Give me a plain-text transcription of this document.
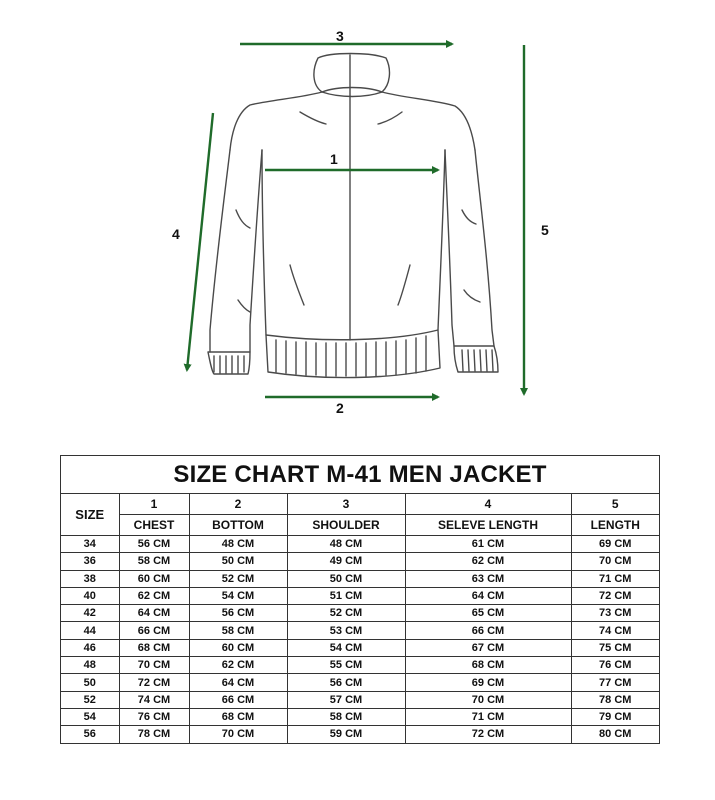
3
1
2
4	5
SIZE CHART M-41 MEN JACKET
SIZE	1	2	3	4	5
	CHEST	BOTTOM	SHOULDER	SELEVE LENGTH	LENGTH
34	56 CM	48 CM	48 CM	61 CM	69 CM
36	58 CM	50 CM	49 CM	62 CM	70 CM
38	60 CM	52 CM	50 CM	63 CM	71 CM
40	62 CM	54 CM	51 CM	64 CM	72 CM
42	64 CM	56 CM	52 CM	65 CM	73 CM
44	66 CM	58 CM	53 CM	66 CM	74 CM
46	68 CM	60 CM	54 CM	67 CM	75 CM
48	70 CM	62 CM	55 CM	68 CM	76 CM
50	72 CM	64 CM	56 CM	69 CM	77 CM
52	74 CM	66 CM	57 CM	70 CM	78 CM
54	76 CM	68 CM	58 CM	71 CM	79 CM
56	78 CM	70 CM	59 CM	72 CM	80 CM
